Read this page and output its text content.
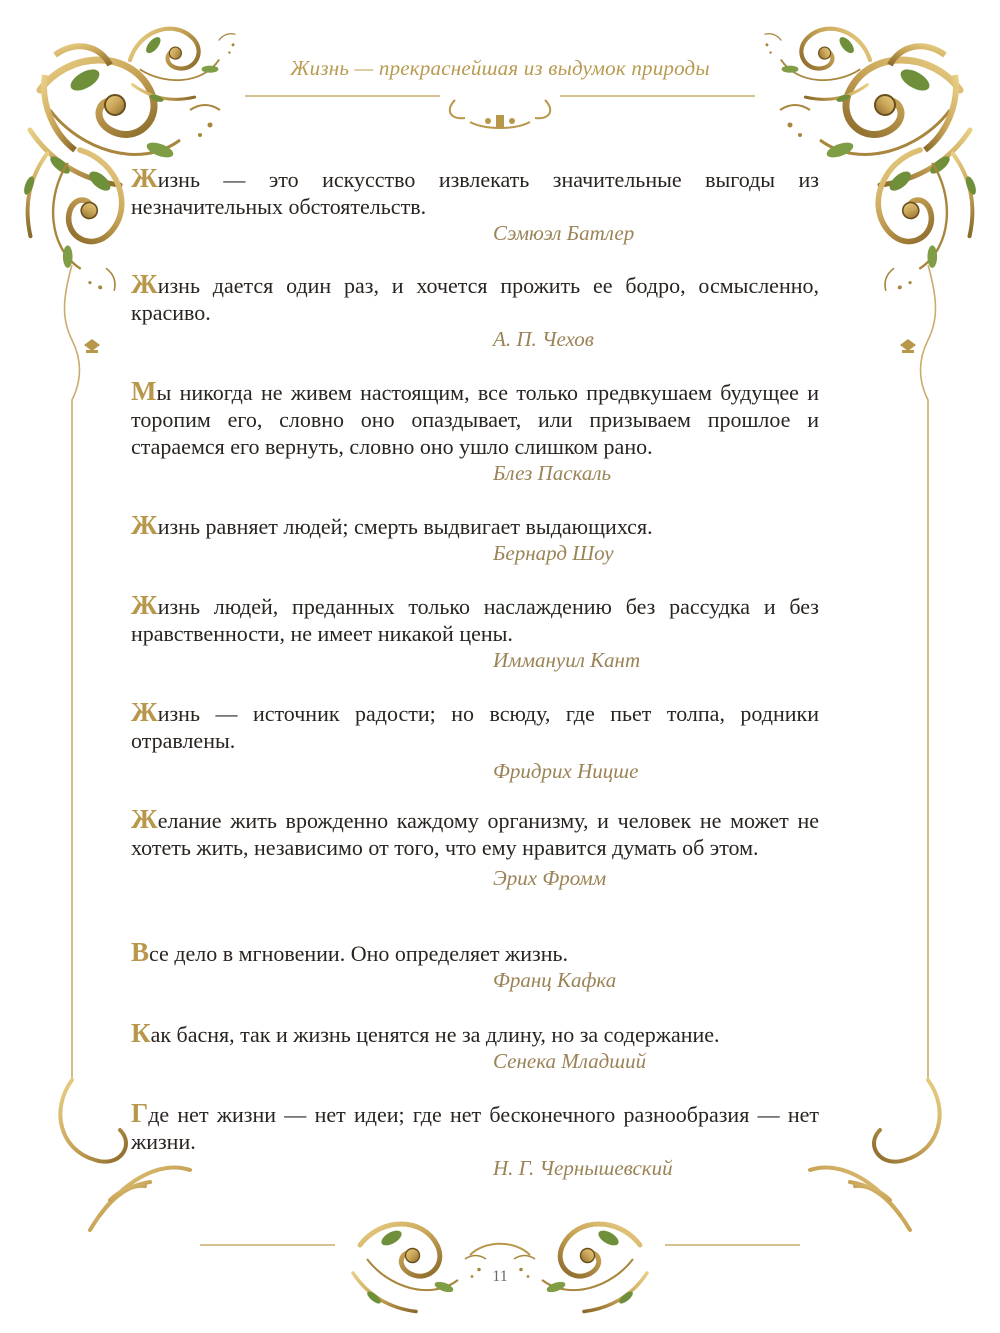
Жизнь — прекраснейшая из выдумок природы

Жизнь — это искусство извлекать значительные выгоды из незначительных обстоятельств.

Сэмюэл Батлер

Жизнь дается один раз, и хочется прожить ее бодро, осмысленно, красиво.

А. П. Чехов

Мы никогда не живем настоящим, все только предвкушаем будущее и торопим его, словно оно опаздывает, или призываем прошлое и стараемся его вернуть, словно оно ушло слишком рано.

Блез Паскаль

Жизнь равняет людей; смерть выдвигает выдающихся.

Бернард Шоу

Жизнь людей, преданных только наслаждению без рассудка и без нравственности, не имеет никакой цены.

Иммануил Кант

Жизнь — источник радости; но всюду, где пьет толпа, родники отравлены.

Фридрих Ницше

Желание жить врожденно каждому организму, и человек не может не хотеть жить, независимо от того, что ему нравится думать об этом.

Эрих Фромм

Все дело в мгновении. Оно определяет жизнь.

Франц Кафка

Как басня, так и жизнь ценятся не за длину, но за содержание.

Сенека Младший

Где нет жизни — нет идеи; где нет бесконечного разнообразия — нет жизни.

Н. Г. Чернышевский

11
